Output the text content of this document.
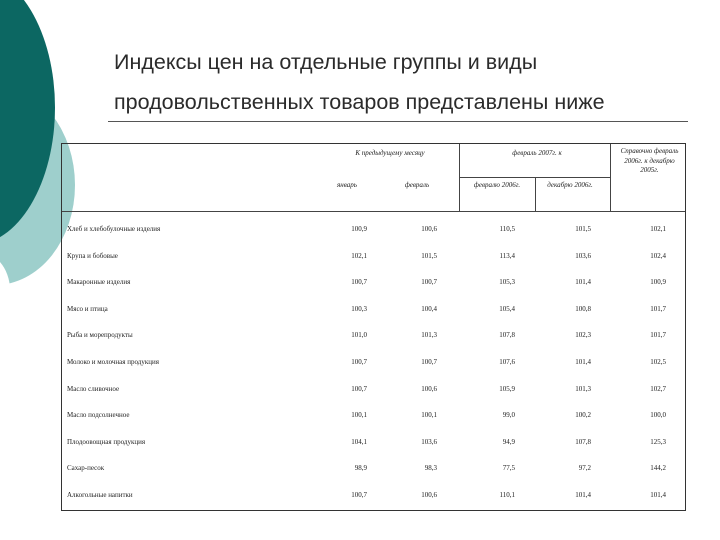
Индексы цен на отдельные группы и виды
продовольственных товаров представлены ниже
К предыдущему месяцу
январь	февраль
февраль 2007г. к
февралю 2006г.	декабрю 2006г.
Справочно февраль 2006г. к декабрю 2005г.
Хлеб и хлебобулочные изделия	100,9	100,6	110,5	101,5	102,1
Крупа и бобовые	102,1	101,5	113,4	103,6	102,4
Макаронные изделия	100,7	100,7	105,3	101,4	100,9
Мясо и птица	100,3	100,4	105,4	100,8	101,7
Рыба и морепродукты	101,0	101,3	107,8	102,3	101,7
Молоко и молочная продукция	100,7	100,7	107,6	101,4	102,5
Масло сливочное	100,7	100,6	105,9	101,3	102,7
Масло подсолнечное	100,1	100,1	99,0	100,2	100,0
Плодоовощная продукция	104,1	103,6	94,9	107,8	125,3
Сахар-песок	98,9	98,3	77,5	97,2	144,2
Алкогольные напитки	100,7	100,6	110,1	101,4	101,4
